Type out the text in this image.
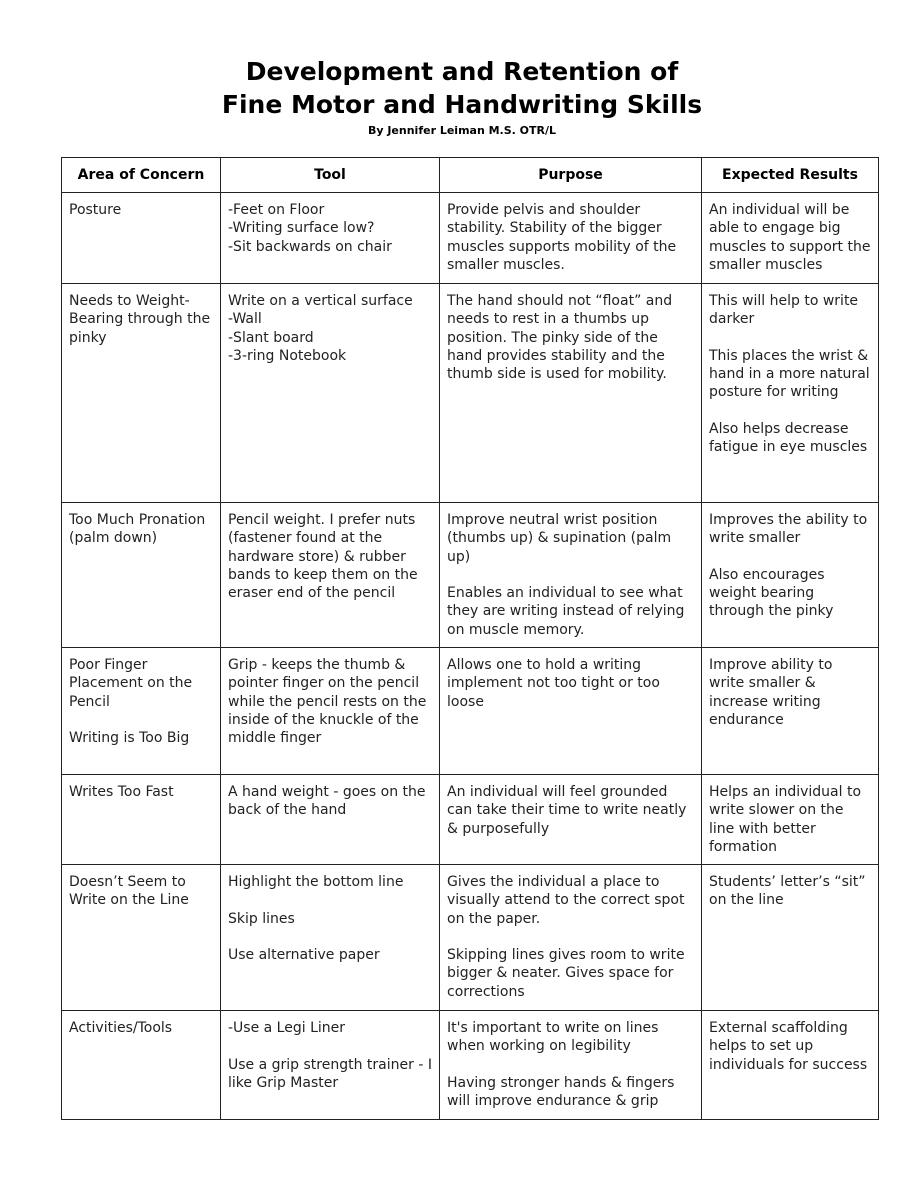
Development and Retention of
Fine Motor and Handwriting Skills
By Jennifer Leiman M.S. OTR/L
Area of Concern	Tool	Purpose	Expected Results

Posture	-Feet on Floor
-Writing surface low?
-Sit backwards on chair	Provide pelvis and shoulder stability. Stability of the bigger muscles supports mobility of the smaller muscles.	An individual will be able to engage big muscles to support the smaller muscles

Needs to Weight-Bearing through the pinky	Write on a vertical surface
-Wall
-Slant board
-3-ring Notebook	The hand should not “float” and needs to rest in a thumbs up position. The pinky side of the hand provides stability and the thumb side is used for mobility.	This will help to write darker

This places the wrist & hand in a more natural posture for writing

Also helps decrease fatigue in eye muscles

Too Much Pronation (palm down)	Pencil weight. I prefer nuts (fastener found at the hardware store) & rubber bands to keep them on the eraser end of the pencil	Improve neutral wrist position (thumbs up) & supination (palm up)

Enables an individual to see what they are writing instead of relying on muscle memory.	Improves the ability to write smaller

Also encourages weight bearing through the pinky

Poor Finger Placement on the Pencil

Writing is Too Big	Grip - keeps the thumb & pointer finger on the pencil while the pencil rests on the inside of the knuckle of the middle finger	Allows one to hold a writing implement not too tight or too loose	Improve ability to write smaller & increase writing endurance

Writes Too Fast	A hand weight - goes on the back of the hand	An individual will feel grounded can take their time to write neatly & purposefully	Helps an individual to write slower on the line with better formation

Doesn’t Seem to Write on the Line	Highlight the bottom line

Skip lines

Use alternative paper	Gives the individual a place to visually attend to the correct spot on the paper.

Skipping lines gives room to write bigger & neater. Gives space for corrections	Students’ letter’s “sit” on the line

Activities/Tools	-Use a Legi Liner

Use a grip strength trainer - I like Grip Master	It's important to write on lines when working on legibility

Having stronger hands & fingers will improve endurance & grip	External scaffolding helps to set up individuals for success
